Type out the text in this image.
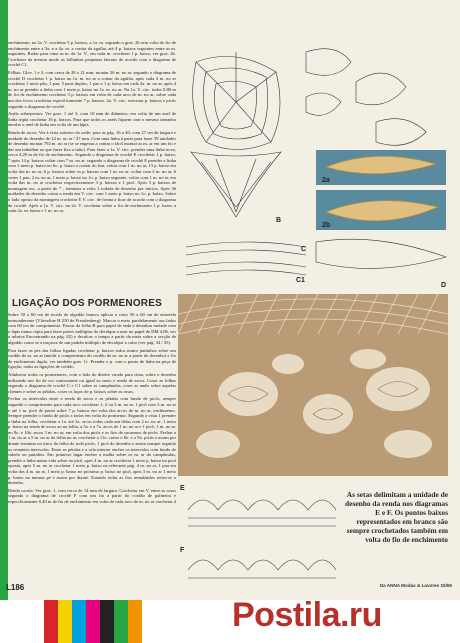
enchimento; na 2a. V. crochetar 5 p. baixos, a 1a. m. segundo a grav. 2b sem volta do fio de enchimento entre a 3a. e a 4a. m. a contar da agulha, até 4 p. baixos seguintes entre as m. seguintes. Rodar para cima as m. da 1a. V., em cada m. crochetar 1 p. baixo, ver grav. 2b. Crochetar da mesma modo as folhinhas pequenas laterais de acordo com o diagrama de crochê C1.

Folhas: Glov. 1 e 3, com cerca de 28 x 21 mm; montar 26 m. no ar, segundo o diagrama de crochê D crochetar 1 p. baixo na 1a. m. no ar a contar da agulha, após cada 3 m. no ar crochetar 1 meio pão, 1 pau, 5 paus duplos, 1 pau e 1 p. baixo em cada 3a. m. no ar, após 4 m. no ar prender a linha com 1 meio p. baixo na 1a. m. no ar. Na 1a. V. circ. todos 0,80 m de fio de enchimento crochetar 3 p. baixos em volta de cada arco de m. no ar, sobre cada um dos focos crochetar especificamente 7 p. baixos. 2a. V. circ. executar p. baixos e picôs segundo o diagrama de crochê.

Anéis sobrepostos: Ver grav. 1 até 3, com 10 mm de diâmetro; em volta de um anel de linha tripla crochetar 16 p. baixos. Para que todos os anéis fiquem com o mesmo tamanho enrolar o anel de linha em volta de um lápis.

Renda de arcos: Ver à vista exterior do xaile; para as pág. 16 a 40, com 27 cm de largura e unidade do desenho de 22 m. no ar / 37 mm. Com uma linha à parte para fazer 39 unidades de desenho montar 792 m. no ar (se se engenar a contar o fácil montar as m. ar em um fio e dar um trabalhar ao que fazer fixo a mão). Para fazer a 1a. V. circ. prender uma linha nova, cerca 4,20 m de fio de enchimento. Segundo o diagrama de crochê E crochetar 1 p. baixo, * após 14 p. baixos voltar com 7 m. no ar, segundo o diagrama de crochê E prender a linha com 1 meio p. baixo no 6o. p. baixo a contar do fim, voltar com 1 m. no ar, 13 p. baixo em volta das m. no ar, 6 p. baixos sobre os p. baixos com 1 m. no ar, voltar com 2 m. no ar, 6 vezes 1 pau, 2 m. no ar, 1 meio p. baixo no 1o. p. baixo seguinte, voltar com 1 m. no ar, em volta das m. no ar crochetar respectivamente 3 p. baixos e 1 picô. Após 3 p. baixos de montagem esc. a partir do * , terminar a volta 1 rodada de desenho por inícios. Após 36 unidades de desenho cortar a renda em V. circ. com 1 meio p. baixo no 1o. p. baixo. Sobre o lado oposto da montagem crochetar E V. circ. de forma a ficar de acordo com o diagrama de crochê. Após a 1a. V. circ. na 2a. V. crochetar sobre o fio de enchimento 1 p. baixo a cada 2a. m. baixo e 1 m. no ar.

LIGAÇÃO DOS PORMENORES

Sobre 50 x 60 cm de tecido de algodão branco aplicar a cetor 50 x 60 cm de entretela termoaderente (Vlieseline H 250 de Freudenberg). Marcar o meio paralelamente aos lados com 60 cm de comprimento. Passar da folha B para papel de seda e desenhar metade com o lápis numa cópia para fazer partes múltiplas do decalque a usar no papel de DM 4,06, ver a rubrica Encontrando na pág. 82) e decalcar o tempo a partir da meia sobre a secção de algodão como se a traçasse de um padrão múltiplo de decalque a calor (ver pág. 34 / 35).

Para fazer as pes das folhas ligadas crochetar p. baixos todos muito juntinhos sobre um cordão de m. no ar (medir o comprimento do cordão de m. no ar a partir do desenho) e fio de enchimento duplo, ver também grav. 1c. Prender o p. com o ponto de linha na peça de ligação, todas as ligações de cordão.

Alinhavar todos os pormenores, com o lado do direito virado para cima, sobre o desenho utilizando um fio de cor contrastante ou igual ao meio e renda de arcos. Coser as folhas segundo o diagrama de crochê C e C1 sobre as campânulas, coser as anéis sobre aquelas clientes e sobre as pétalas, coser os laços de p. baixos sobre as rosas.

Fechar os intervalos entre a renda de arcos e as pétalas com fundo de picôs, sempre segundo o comprimento para cada arco crochetar 1, 2 ou 3 m. no ar, 1 picô com 3 m. no ar e até 1 m. picô de ponto sobre 7 p. baixos em volta dos arcos de m. no ar, enchimento. Sempre prender o fundo de picôs a todos em volta do pormenor. Segundo a vista 1 prender a linha na folha, crochetar a 1a. até 3a. arcos todos cada um delas com 2 m. no ar, 1 meio p. baixo na renda de arcos ao na folha, a 5a. e a 7a. arcos de 1 m. no ar e 1 picô, 1 m. no ar, no 8o. e 10o. arcos 3 m. no ar, em volta dos picôs e os fios de sacarmos de picôs. Fechar a 1 m. no ar a 5 m. no ar da folha no ar, crochetar a 11o. como o 8o. e o 9o. picôs a assim por diante terminar no tinco da folha do todo picôs, 1 picô do desenho e assim sempre seguido os restantes intervalos. Entre as pétalas e a orla interior encher os intervalos com fundo de cabelo ou patinhos. Em primeiro lugar encher a malha sobre os m. ar do campânulas, prender a linha numa vida sobre no picô, após 4 m. no ar crochetar 1 meio p. baixo no picô oposto, após 5 m. no ar crochetar 1 meio p. baixo na relevante pág. 4 m. no ar, 1 pau em volta das 4 m. no ar, 1 meio p. baixo no próximo p. baixo no picô, após 3 m. no ar 1 meio p. baixo na mesma pé e assim por diante. Estando todas as fios remaldados retira-se o desenho.

Renda corola: Ver grav. 1, com cerca de 14 mm de largura. Crochetar em V. entre as rosas segundo o diagrama de crochê F com um fio a partir do cordão de palmeira e especificamente 0,40 m de fio de enchimento em volta de cada arco de m. no ar crochetar 4

B
2a
2b
C
C1
D
E
F
As setas delimitam a unidade de desenho da renda nos diagramas E e F. Os pontos baixos representados em branco são sempre crochetados também em volta do fio de enchimento
L186	Da ANNA Modas & Lavores 10/06
Postila.ru
